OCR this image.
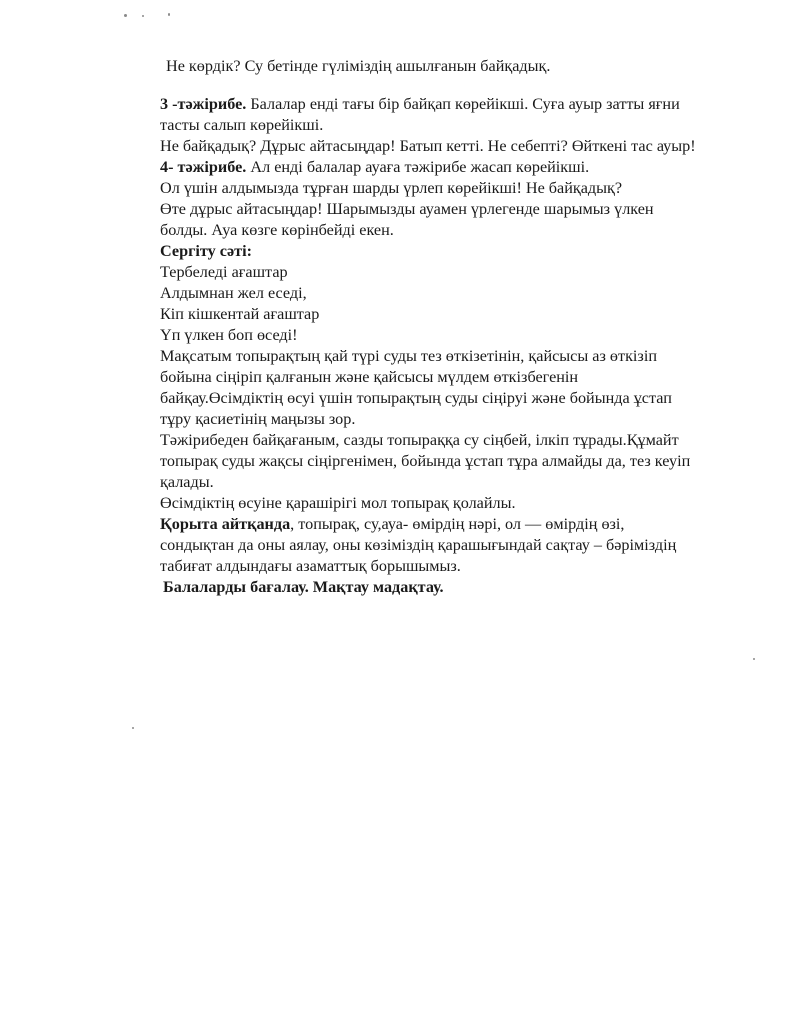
Не көрдік? Су бетінде гүліміздің ашылғанын байқадық.
3 -тәжірибе. Балалар енді тағы бір байқап көрейікші. Суға ауыр затты яғни
тасты салып көрейікші.
Не байқадық? Дұрыс айтасыңдар! Батып кетті. Не себепті? Өйткені тас ауыр!
4- тәжірибе. Ал енді балалар ауаға тәжірибе жасап көрейікші.
Ол үшін алдымызда тұрған шарды үрлеп көрейікші! Не байқадық?
Өте дұрыс айтасыңдар! Шарымызды ауамен үрлегенде шарымыз үлкен
болды. Ауа көзге көрінбейді екен.
Сергіту сәті:
Тербеледі ағаштар
Алдымнан жел еседі,
Кіп кішкентай ағаштар
Үп үлкен боп өседі!
Мақсатым топырақтың қай түрі суды тез өткізетінін, қайсысы аз өткізіп
бойына сіңіріп қалғанын және қайсысы мүлдем өткізбегенін
байқау.Өсімдіктің өсуі үшін топырақтың суды сіңіруі және бойында ұстап
тұру қасиетінің маңызы зор.
Тәжірибеден байқағаным, сазды топыраққа су сіңбей, ілкіп тұрады.Құмайт
топырақ суды жақсы сіңіргенімен, бойында ұстап тұра алмайды да, тез кеуіп
қалады.
Өсімдіктің өсуіне қарашірігі мол топырақ қолайлы.
Қорыта айтқанда, топырақ, су,ауа- өмірдің нәрі, ол — өмірдің өзі,
сондықтан да оны аялау, оны көзіміздің қарашығындай сақтау – бәріміздің
табиғат алдындағы азаматтық борышымыз.
Балаларды бағалау. Мақтау мадақтау.
